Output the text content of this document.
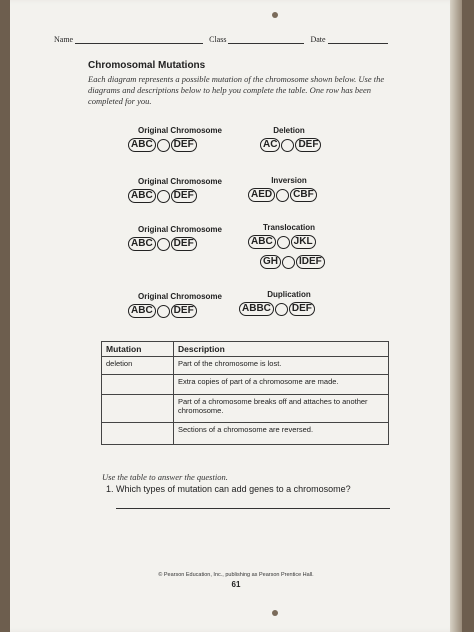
Name	Class	Date
Chromosomal Mutations
Each diagram represents a possible mutation of the chromosome shown below. Use the diagrams and descriptions below to help you complete the table. One row has been completed for you.
Original Chromosome
ABC	DEF
Deletion
AC	DEF
Original Chromosome
ABC	DEF
Inversion
AED	CBF
Original Chromosome
ABC	DEF
Translocation
ABC	JKL
GH	IDEF
Original Chromosome
ABC	DEF
Duplication
ABBC	DEF
Mutation	Description
deletion	Part of the chromosome is lost.
	Extra copies of part of a chromosome are made.
	Part of a chromosome breaks off and attaches to another chromosome.
	Sections of a chromosome are reversed.
Use the table to answer the question.
1. Which types of mutation can add genes to a chromosome?
© Pearson Education, Inc., publishing as Pearson Prentice Hall.
61
